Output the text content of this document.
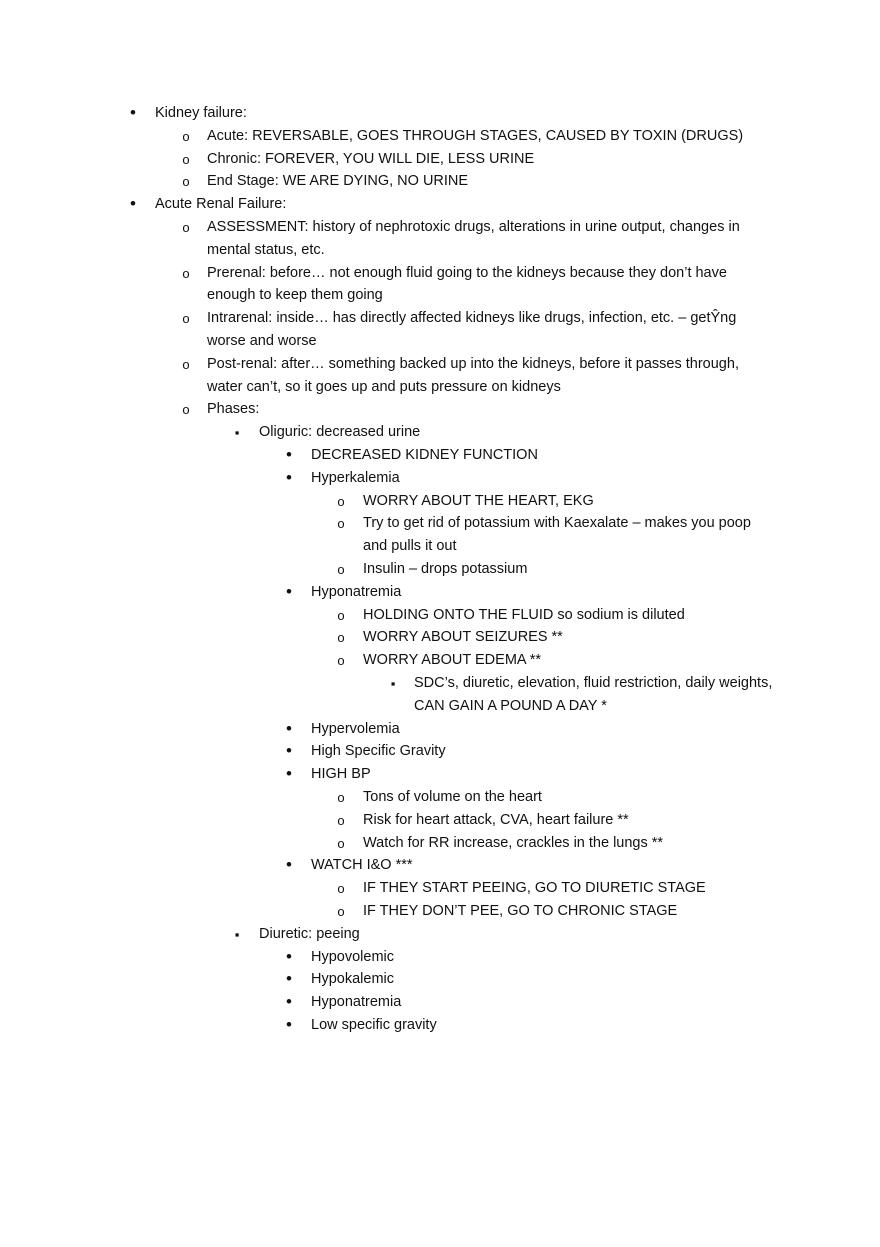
•
Kidney failure:
o
Acute: REVERSABLE, GOES THROUGH STAGES, CAUSED BY TOXIN (DRUGS)
o
Chronic: FOREVER, YOU WILL DIE, LESS URINE
o
End Stage: WE ARE DYING, NO URINE
•
Acute Renal Failure:
o
ASSESSMENT: history of nephrotoxic drugs, alterations in urine output, changes in
mental status, etc.
o
Prerenal: before… not enough fluid going to the kidneys because they don’t have
enough to keep them going
o
Intrarenal: inside… has directly affected kidneys like drugs, infection, etc. – getŶng
worse and worse
o
Post-renal: after… something backed up into the kidneys, before it passes through,
water can’t, so it goes up and puts pressure on kidneys
o
Phases:
▪
Oliguric: decreased urine
•
DECREASED KIDNEY FUNCTION
•
Hyperkalemia
o
WORRY ABOUT THE HEART, EKG
o
Try to get rid of potassium with Kaexalate – makes you poop
and pulls it out
o
Insulin – drops potassium
•
Hyponatremia
o
HOLDING ONTO THE FLUID so sodium is diluted
o
WORRY ABOUT SEIZURES **
o
WORRY ABOUT EDEMA **
▪
SDC’s, diuretic, elevation, fluid restriction, daily weights,
CAN GAIN A POUND A DAY *
•
Hypervolemia
•
High Specific Gravity
•
HIGH BP
o
Tons of volume on the heart
o
Risk for heart attack, CVA, heart failure **
o
Watch for RR increase, crackles in the lungs **
•
WATCH I&O ***
o
IF THEY START PEEING, GO TO DIURETIC STAGE
o
IF THEY DON’T PEE, GO TO CHRONIC STAGE
▪
Diuretic: peeing
•
Hypovolemic
•
Hypokalemic
•
Hyponatremia
•
Low specific gravity
